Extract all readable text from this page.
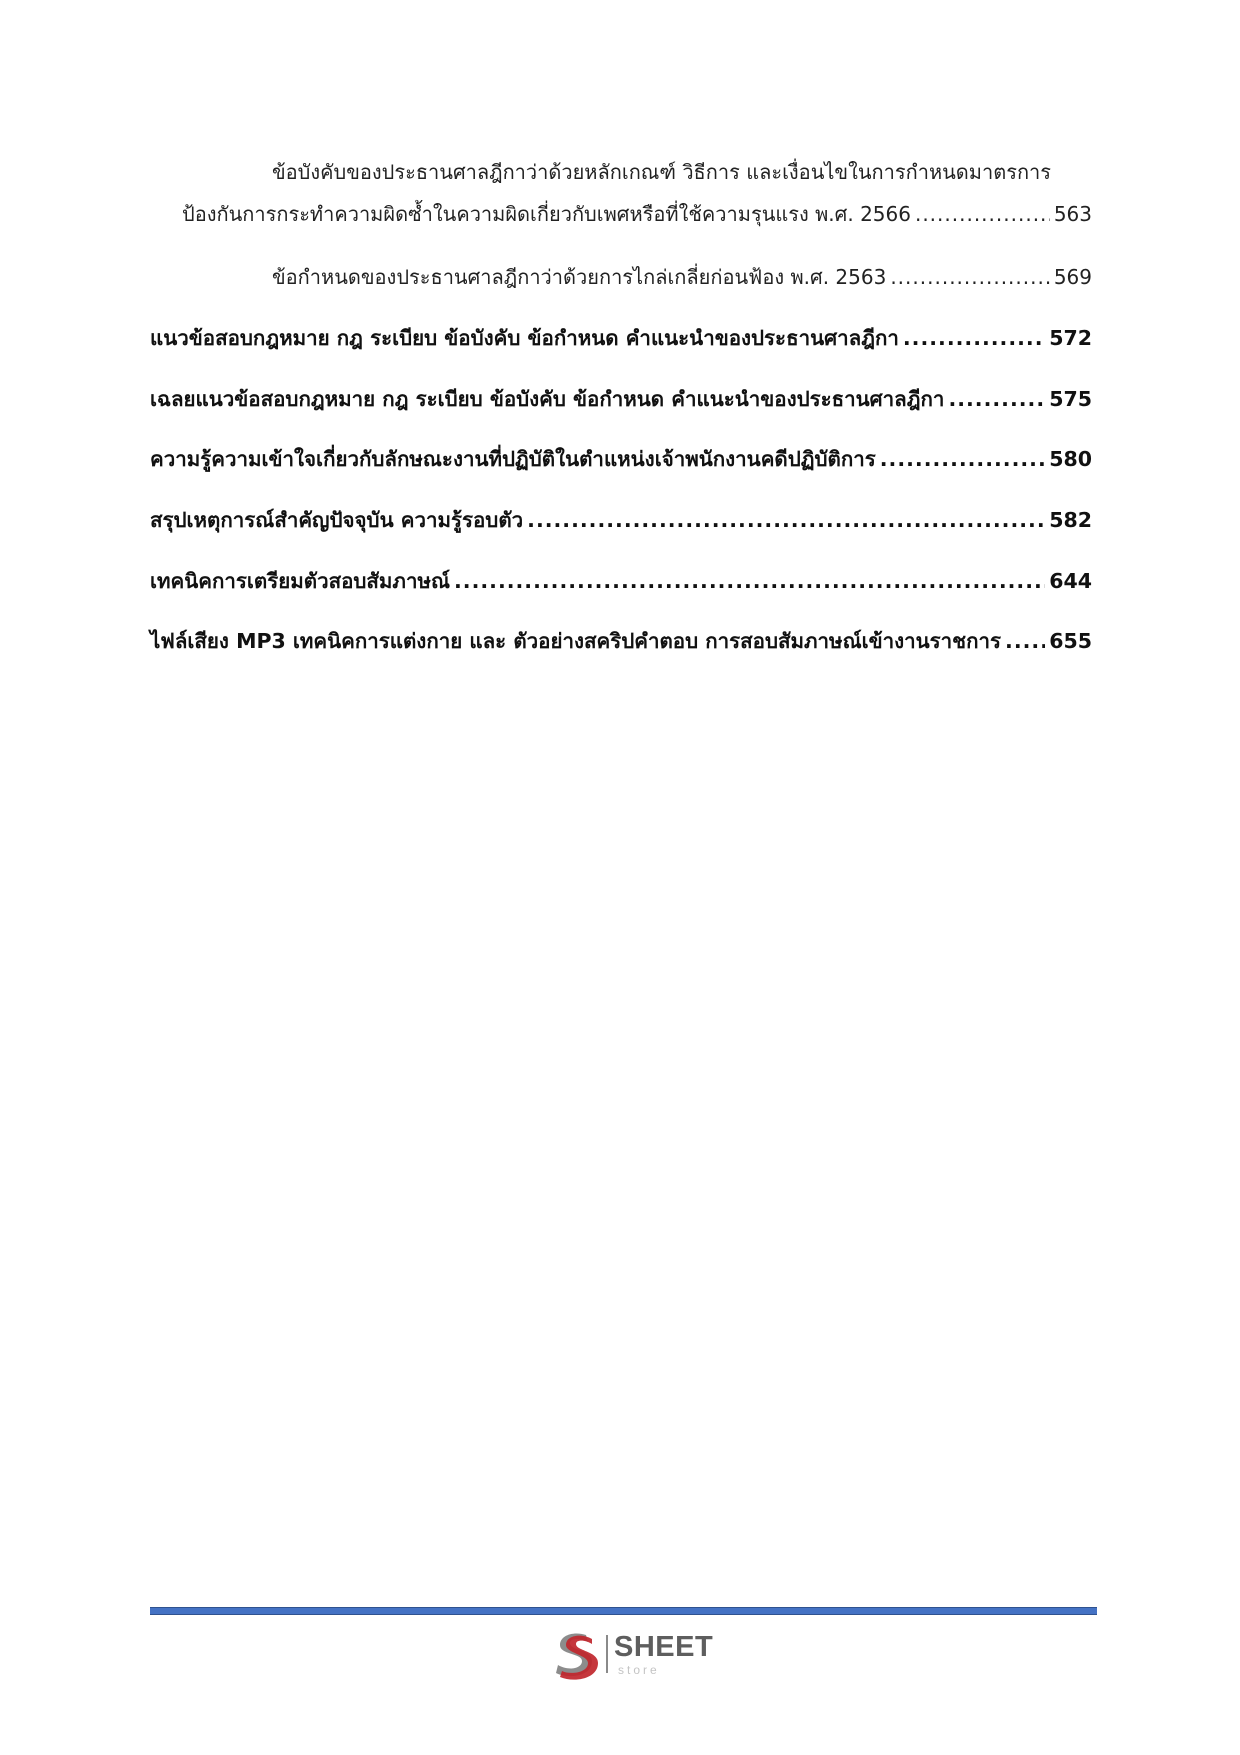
ข้อบังคับของประธานศาลฎีกาว่าด้วยหลักเกณฑ์ วิธีการ และเงื่อนไขในการกำหนดมาตรการ
ป้องกันการกระทำความผิดซ้ำในความผิดเกี่ยวกับเพศหรือที่ใช้ความรุนแรง พ.ศ. 2566 .....	563
ข้อกำหนดของประธานศาลฎีกาว่าด้วยการไกล่เกลี่ยก่อนฟ้อง พ.ศ. 2563 .....	569
แนวข้อสอบกฎหมาย กฎ ระเบียบ ข้อบังคับ ข้อกำหนด คำแนะนำของประธานศาลฎีกา .....	572
เฉลยแนวข้อสอบกฎหมาย กฎ ระเบียบ ข้อบังคับ ข้อกำหนด คำแนะนำของประธานศาลฎีกา .....	575
ความรู้ความเข้าใจเกี่ยวกับลักษณะงานที่ปฏิบัติในตำแหน่งเจ้าพนักงานคดีปฏิบัติการ .....	580
สรุปเหตุการณ์สำคัญปัจจุบัน ความรู้รอบตัว .....	582
เทคนิคการเตรียมตัวสอบสัมภาษณ์ .....	644
ไฟล์เสียง MP3 เทคนิคการแต่งกาย และ ตัวอย่างสคริปคำตอบ การสอบสัมภาษณ์เข้างานราชการ ..... 655
SHEET
store
